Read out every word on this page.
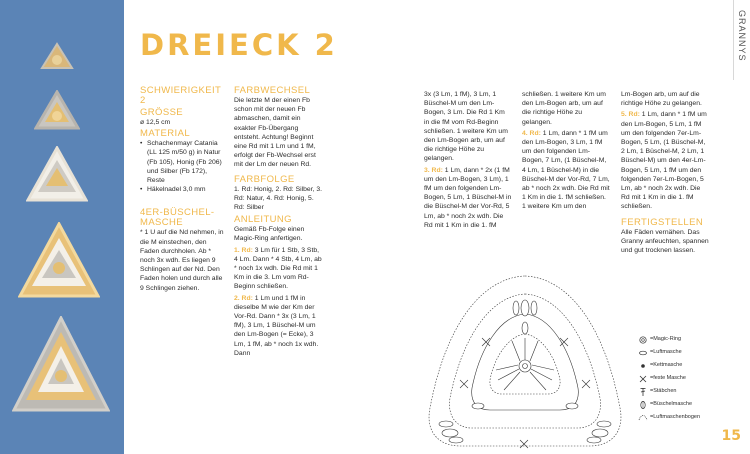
DREIECK 2
SCHWIERIGKEIT 2
GRÖSSE
ø 12,5 cm
MATERIAL
• Schachenmayr Catania (LL 125 m/50 g) in Natur (Fb 105), Honig (Fb 206) und Silber (Fb 172), Reste
• Häkelnadel 3,0 mm
4ER-BÜSCHEL-MASCHE
* 1 U auf die Nd nehmen, in die M einstechen, den Faden durchholen. Ab * noch 3x wdh. Es liegen 9 Schlingen auf der Nd. Den Faden holen und durch alle 9 Schlingen ziehen.
FARBWECHSEL
Die letzte M der einen Fb schon mit der neuen Fb abmaschen, damit ein exakter Fb-Übergang entsteht. Achtung! Beginnt eine Rd mit 1 Lm und 1 fM, erfolgt der Fb-Wechsel erst mit der Lm der neuen Rd.
FARBFOLGE
1. Rd: Honig, 2. Rd: Silber, 3. Rd: Natur, 4. Rd: Honig, 5. Rd: Silber
ANLEITUNG
Gemäß Fb-Folge einen Magic-Ring anfertigen.
1. Rd: 3 Lm für 1 Stb, 3 Stb, 4 Lm. Dann * 4 Stb, 4 Lm, ab * noch 1x wdh. Die Rd mit 1 Km in die 3. Lm vom Rd-Beginn schließen.
2. Rd: 1 Lm und 1 fM in dieselbe M wie der Km der Vor-Rd. Dann * 3x (3 Lm, 1 fM), 3 Lm, 1 Büschel-M um den Lm-Bogen (= Ecke), 3 Lm, 1 fM, ab * noch 1x wdh. Dann
3x (3 Lm, 1 fM), 3 Lm, 1 Büschel-M um den Lm-Bogen, 3 Lm. Die Rd 1 Km in die fM vom Rd-Beginn schließen. 1 weitere Km um den Lm-Bogen arb, um auf die richtige Höhe zu gelangen.
3. Rd: 1 Lm, dann * 2x (1 fM um den Lm-Bogen, 3 Lm), 1 fM um den folgenden Lm-Bogen, 5 Lm, 1 Büschel-M in die Büschel-M der Vor-Rd, 5 Lm, ab * noch 2x wdh. Die Rd mit 1 Km in die 1. fM
schließen. 1 weitere Km um den Lm-Bogen arb, um auf die richtige Höhe zu gelangen.
4. Rd: 1 Lm, dann * 1 fM um den Lm-Bogen, 3 Lm, 1 fM um den folgenden Lm-Bogen, 7 Lm, (1 Büschel-M, 4 Lm, 1 Büschel-M) in die Büschel-M der Vor-Rd, 7 Lm, ab * noch 2x wdh. Die Rd mit 1 Km in die 1. fM schließen. 1 weitere Km um den
Lm-Bogen arb, um auf die richtige Höhe zu gelangen.
5. Rd: 1 Lm, dann * 1 fM um den Lm-Bogen, 5 Lm, 1 fM um den folgenden 7er-Lm-Bogen, 5 Lm, (1 Büschel-M, 2 Lm, 1 Büschel-M, 2 Lm, 1 Büschel-M) um den 4er-Lm-Bogen, 5 Lm, 1 fM um den folgenden 7er-Lm-Bogen, 5 Lm, ab * noch 2x wdh. Die Rd mit 1 Km in die 1. fM schließen.
FERTIGSTELLEN
Alle Fäden vernähen. Das Granny anfeuchten, spannen und gut trocknen lassen.
=Magic-Ring
=Luftmasche
=Kettmasche
=feste Masche
=Stäbchen
=Büschelmasche
=Luftmaschenbogen
GRANNYS
15
